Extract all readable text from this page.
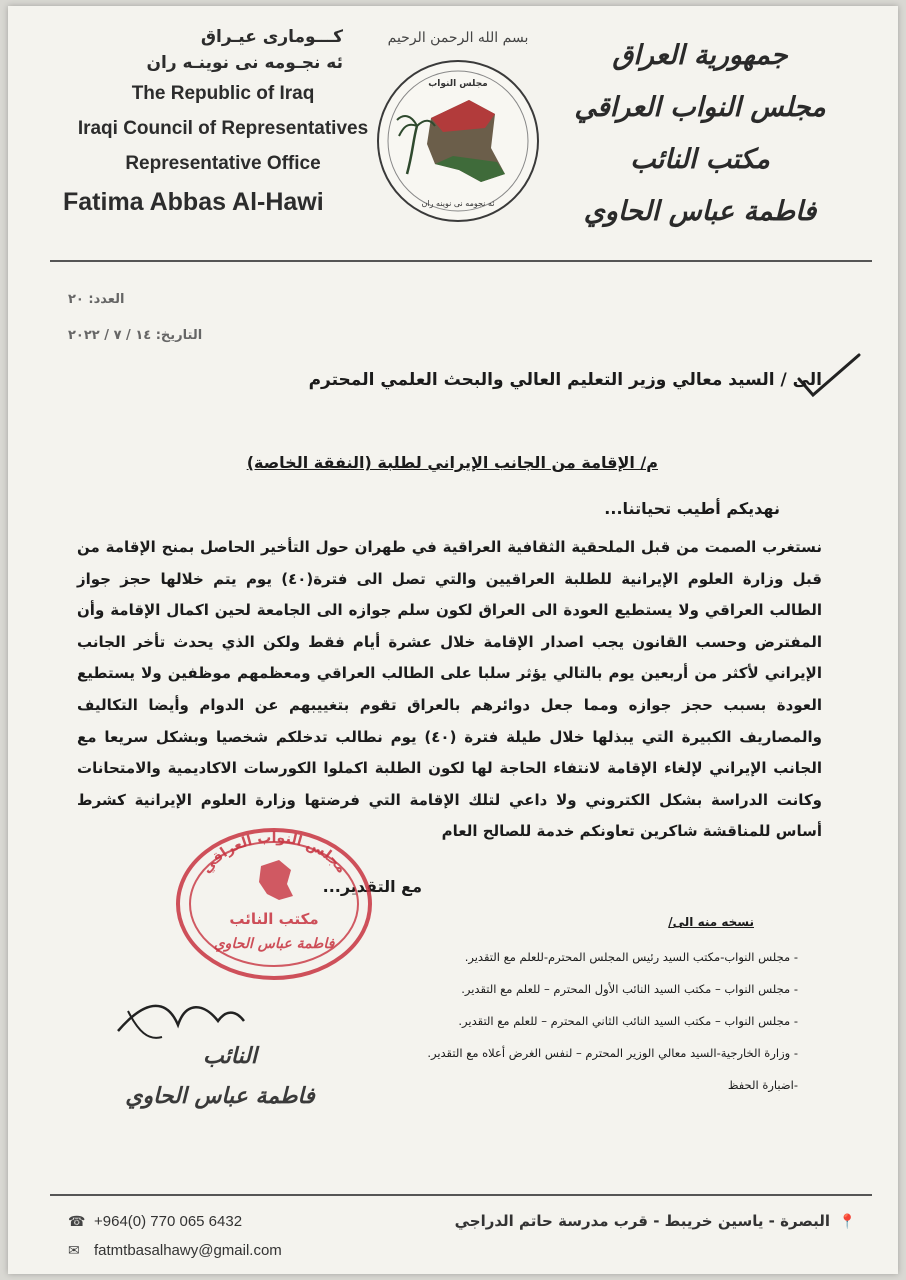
كـــوماری عيـراق
ئه نجـومه نی نوينـه ران
The Republic of Iraq
Iraqi Council of Representatives
Representative Office
Fatima Abbas Al-Hawi
بسم الله الرحمن الرحيم
مجلس النواب
ئه نجومه نى نوينه ران
جمهورية العراق
مجلس النواب العراقي
مكتب النائب
فاطمة عباس الحاوي
العدد: ٢٠
التاريخ: ١٤ / ٧ / ٢٠٢٢
الى / السيد معالي وزير التعليم العالي والبحث العلمي المحترم
م/ الإقامة من الجانب الإيراني لطلبة (النفقة الخاصة)
نهديكم أطيب تحياتنا...
نستغرب الصمت من قبل الملحقية الثقافية العراقية في طهران حول التأخير الحاصل بمنح الإقامة من قبل وزارة العلوم الإيرانية للطلبة العراقيين والتي تصل الى فترة(٤٠) يوم يتم خلالها حجز جواز الطالب العراقي ولا يستطيع العودة الى العراق لكون سلم جوازه الى الجامعة لحين اكمال الإقامة وأن المفترض وحسب القانون يجب اصدار الإقامة خلال عشرة أيام فقط ولكن الذي يحدث تأخر الجانب الإيراني لأكثر من أربعين يوم بالتالي يؤثر سلبا على الطالب العراقي ومعظمهم موظفين ولا يستطيع العودة بسبب حجز جوازه ومما جعل دوائرهم بالعراق تقوم بتغييبهم عن الدوام وأيضا التكاليف والمصاريف الكبيرة التي يبذلها خلال طيلة فترة (٤٠) يوم نطالب تدخلكم شخصيا وبشكل سريعا مع الجانب الإيراني لإلغاء الإقامة لانتفاء الحاجة لها لكون الطلبة اكملوا الكورسات الاكاديمية والامتحانات وكانت الدراسة بشكل الكتروني ولا داعي لتلك الإقامة التي فرضتها وزارة العلوم الإيرانية كشرط أساس للمناقشة شاكرين تعاونكم خدمة للصالح العام
مع التقدير...
نسخه منه الى/
- مجلس النواب-مكتب السيد رئيس المجلس المحترم-للعلم مع التقدير.
- مجلس النواب – مكتب السيد النائب الأول المحترم – للعلم مع التقدير.
- مجلس النواب – مكتب السيد النائب الثاني المحترم – للعلم مع التقدير.
- وزارة الخارجية-السيد معالي الوزير المحترم – لنفس الغرض أعلاه مع التقدير.
-اضبارة الحفظ
مجلس النواب العراقي
مكتب النائب
فاطمة عباس الحاوي
النائب
فاطمة عباس الحاوي
☎ +964(0) 770 065 6432
✉ fatmtbasalhawy@gmail.com
📍البصرة - ياسين خريبط - قرب مدرسة حاتم الدراجي
